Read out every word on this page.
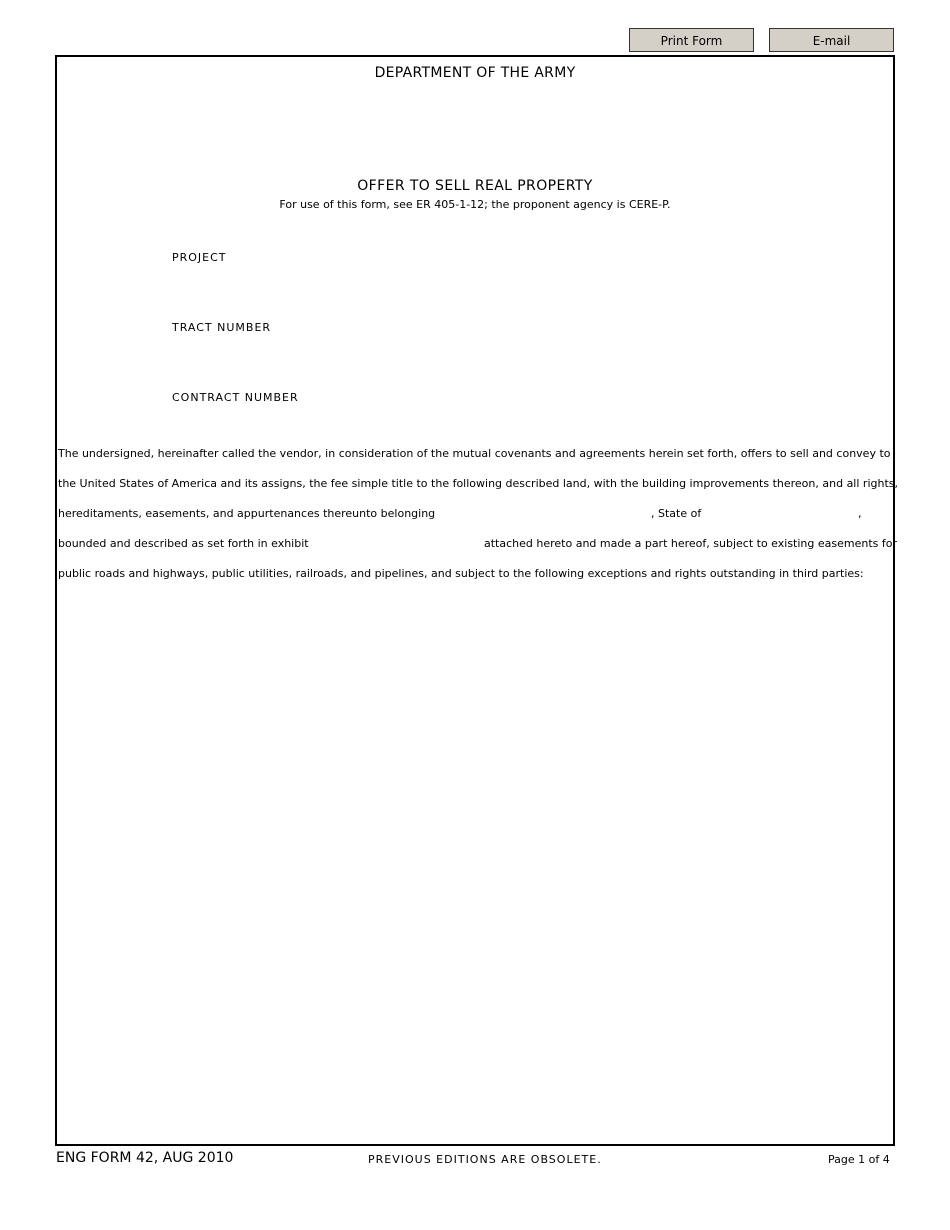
Print Form	E-mail
DEPARTMENT OF THE ARMY
OFFER TO SELL REAL PROPERTY
For use of this form, see ER 405-1-12; the proponent agency is CERE-P.
PROJECT
TRACT NUMBER
CONTRACT NUMBER
The undersigned, hereinafter called the vendor, in consideration of the mutual covenants and agreements herein set forth, offers to sell and convey to
the United States of America and its assigns, the fee simple title to the following described land, with the building improvements thereon, and all rights,
hereditaments, easements, and appurtenances thereunto belonging	, State of	,
bounded and described as set forth in exhibit	attached hereto and made a part hereof, subject to existing easements for
public roads and highways, public utilities, railroads, and pipelines, and subject to the following exceptions and rights outstanding in third parties:
ENG FORM 42, AUG 2010	PREVIOUS EDITIONS ARE OBSOLETE.	Page 1 of 4
